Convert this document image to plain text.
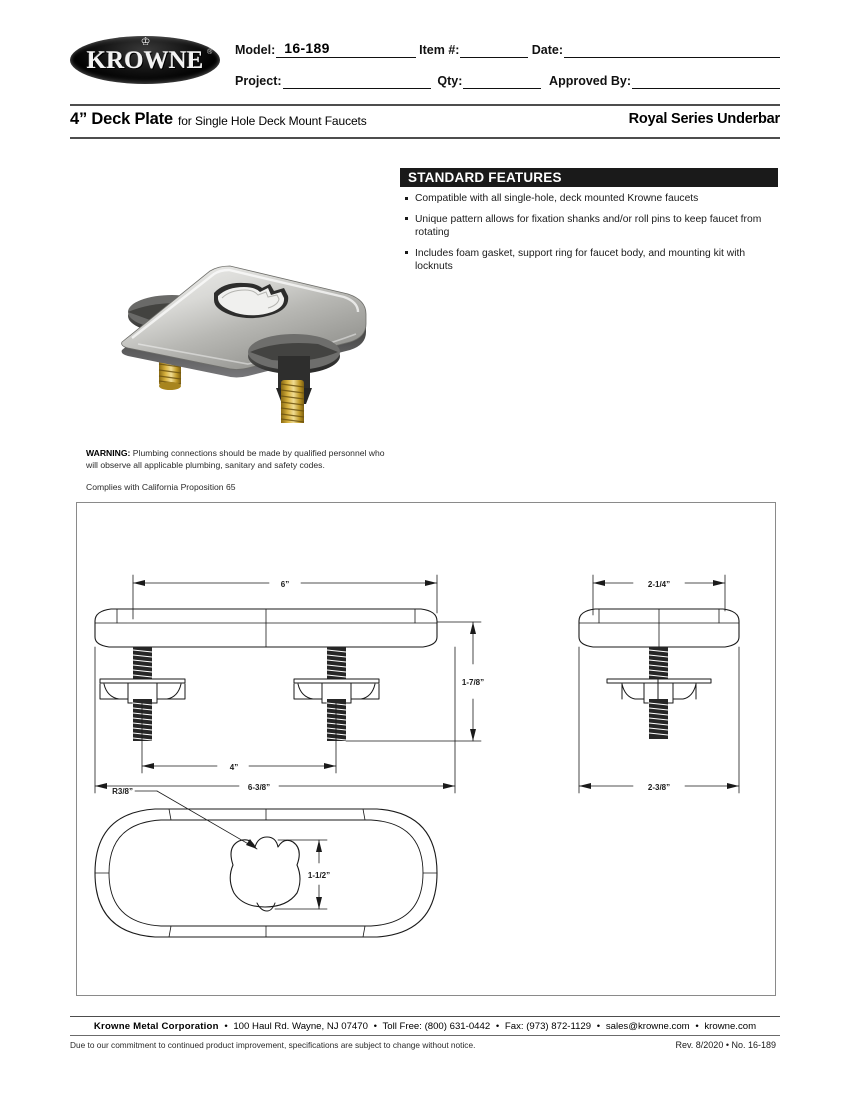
♔
KROWNE ® Model: 16-189	Item #:	Date:
Project:	Qty:	Approved By:
4” Deck Plate for Single Hole Deck Mount Faucets	Royal Series Underbar
STANDARD FEATURES
Compatible with all single-hole, deck mounted Krowne faucets
Unique pattern allows for fixation shanks and/or roll pins to keep faucet from rotating
Includes foam gasket, support ring for faucet body, and mounting kit with locknuts

WARNING: Plumbing connections should be made by qualified personnel who will observe all applicable plumbing, sanitary and safety codes.

Complies with California Proposition 65
6”
1-7/8”
4”
6-3/8”
2-1/4”
2-3/8”
R3/8”
1-1/2”
Krowne Metal Corporation • 100 Haul Rd. Wayne, NJ 07470 • Toll Free: (800) 631-0442 • Fax: (973) 872-1129 • sales@krowne.com • krowne.com
Due to our commitment to continued product improvement, specifications are subject to change without notice.	Rev. 8/2020 • No. 16-189
